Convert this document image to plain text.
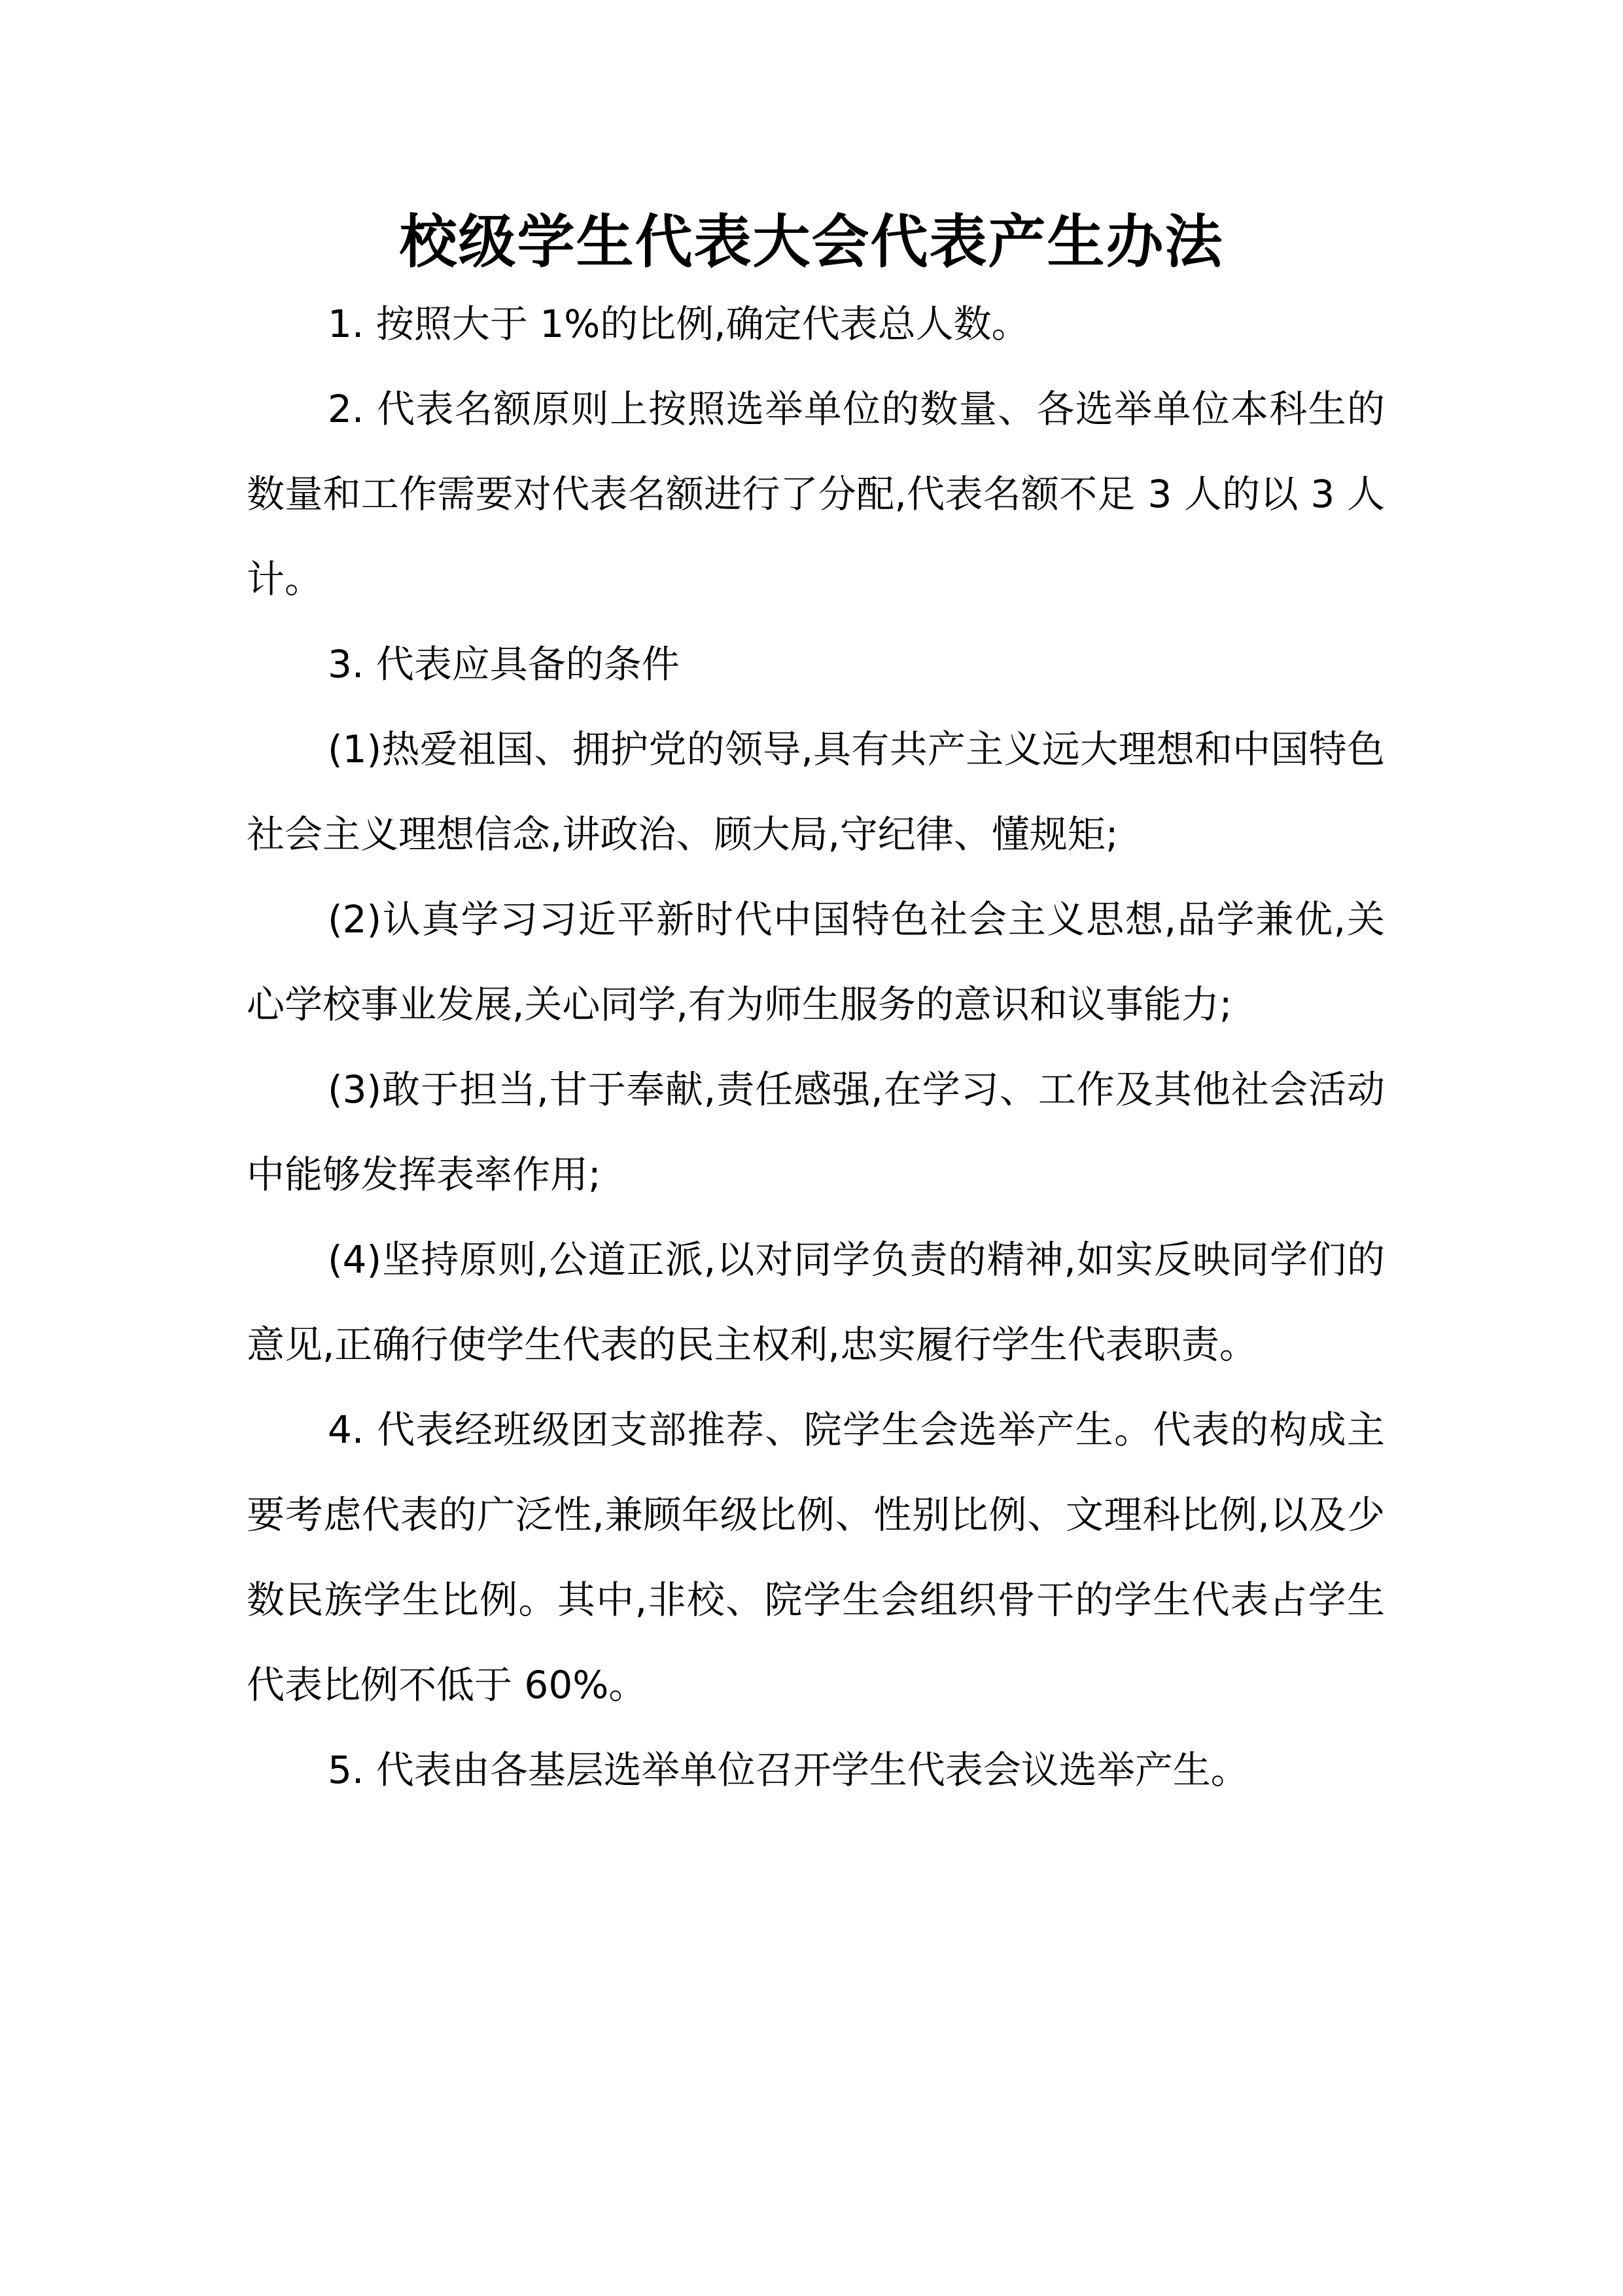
校级学生代表大会代表产生办法

1. 按照大于 1%的比例,确定代表总人数。

2. 代表名额原则上按照选举单位的数量、各选举单位本科生的数量和工作需要对代表名额进行了分配,代表名额不足 3 人的以 3 人计。

3. 代表应具备的条件

(1)热爱祖国、拥护党的领导,具有共产主义远大理想和中国特色社会主义理想信念,讲政治、顾大局,守纪律、懂规矩;

(2)认真学习习近平新时代中国特色社会主义思想,品学兼优,关心学校事业发展,关心同学,有为师生服务的意识和议事能力;

(3)敢于担当,甘于奉献,责任感强,在学习、工作及其他社会活动中能够发挥表率作用;

(4)坚持原则,公道正派,以对同学负责的精神,如实反映同学们的意见,正确行使学生代表的民主权利,忠实履行学生代表职责。

4. 代表经班级团支部推荐、院学生会选举产生。代表的构成主要考虑代表的广泛性,兼顾年级比例、性别比例、文理科比例,以及少数民族学生比例。其中,非校、院学生会组织骨干的学生代表占学生代表比例不低于 60%。

5. 代表由各基层选举单位召开学生代表会议选举产生。
